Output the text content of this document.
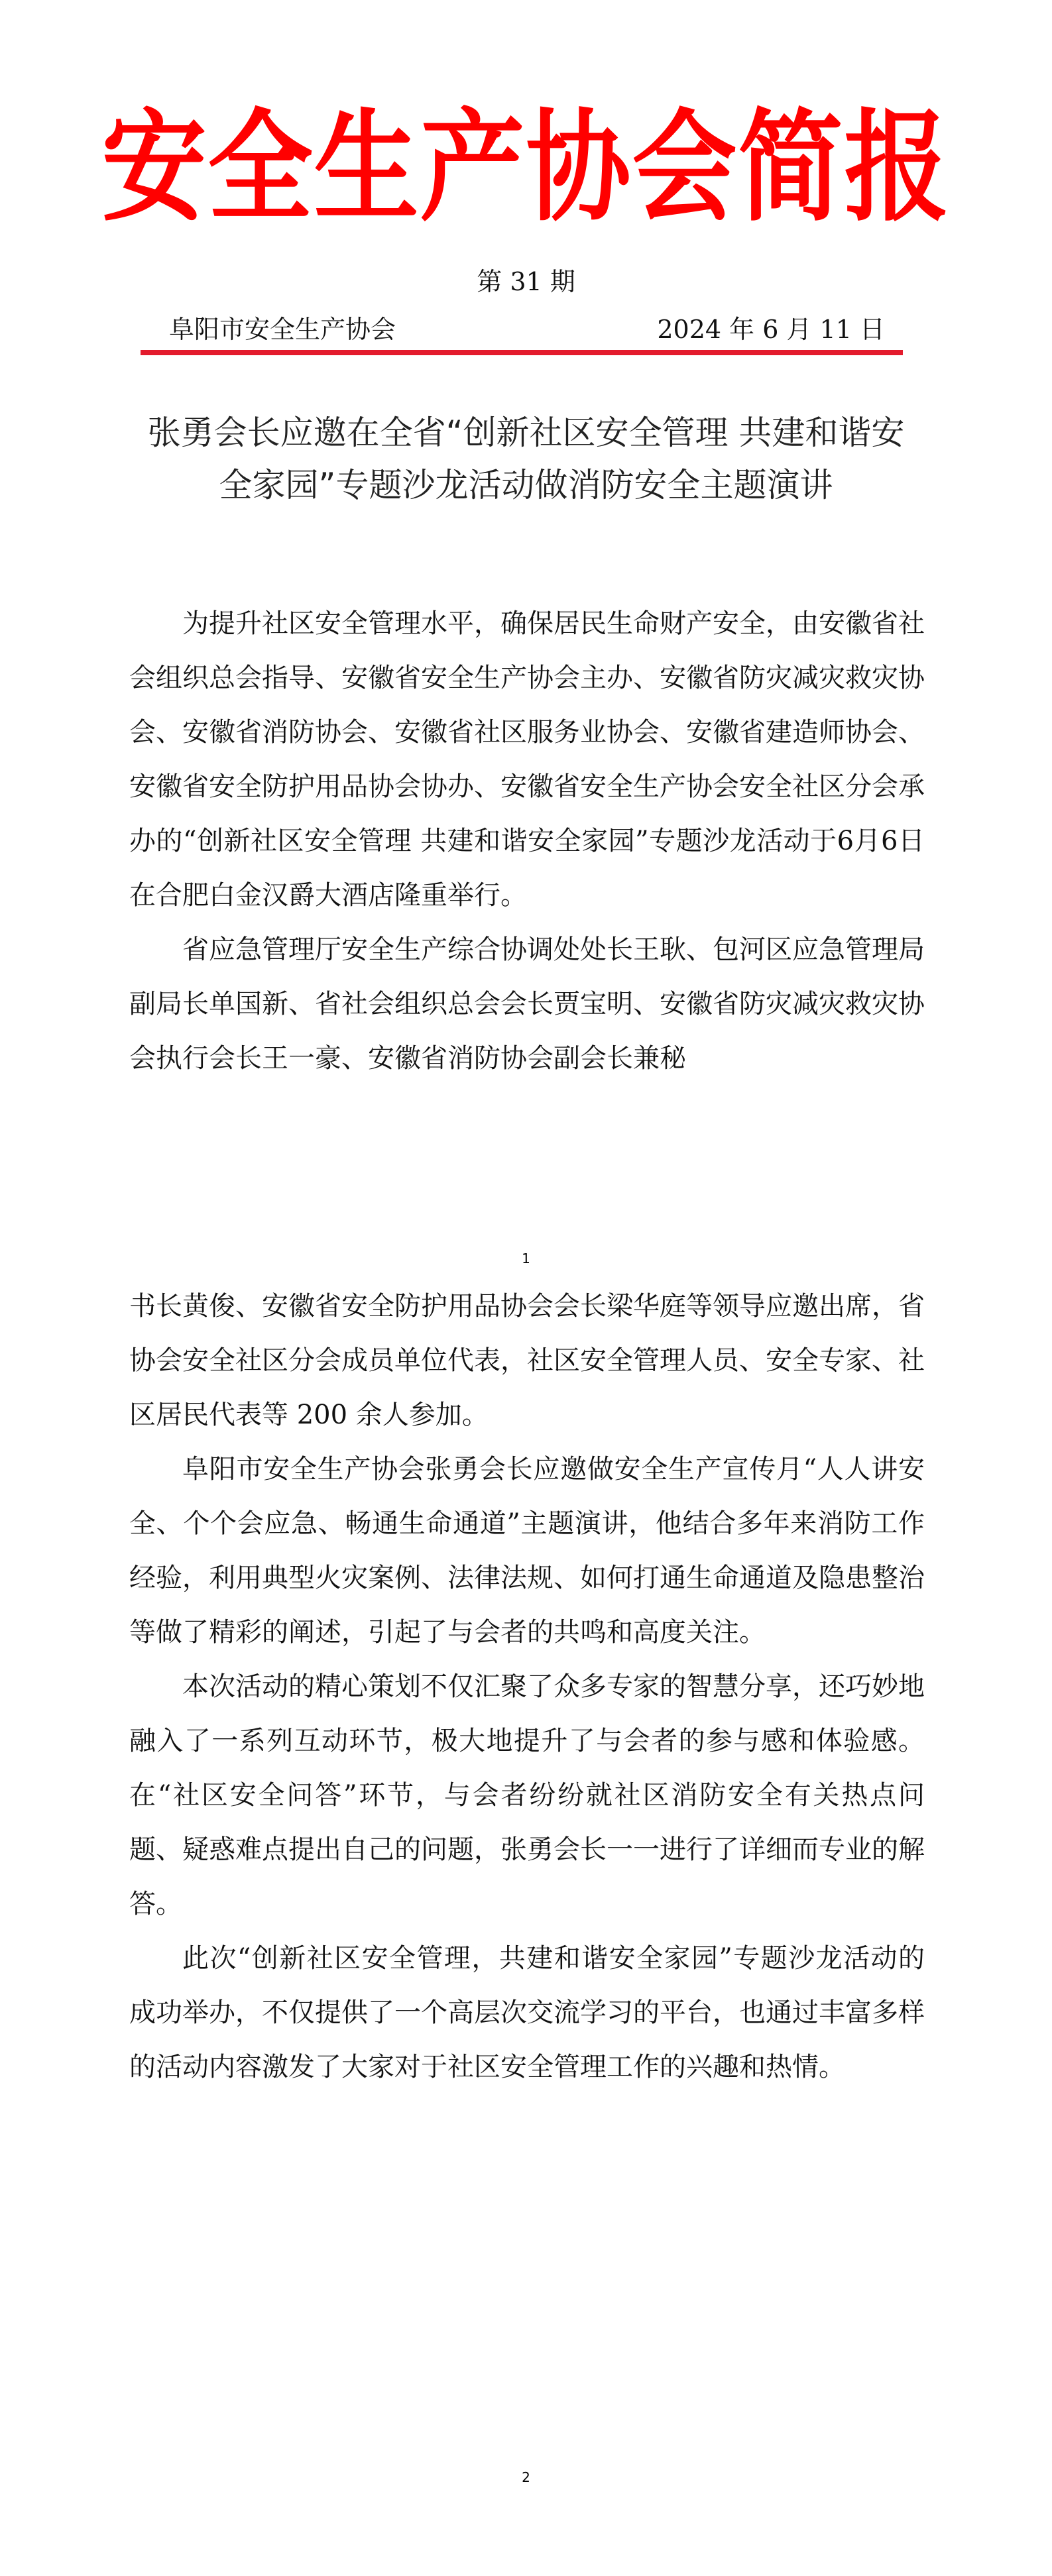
安全生产协会简报
第 31 期
阜阳市安全生产协会	2024 年 6 月 11 日
张勇会长应邀在全省“创新社区安全管理 共建和谐安全家园”专题沙龙活动做消防安全主题演讲

为提升社区安全管理水平，确保居民生命财产安全，由安徽省社会组织总会指导、安徽省安全生产协会主办、安徽省防灾减灾救灾协会、安徽省消防协会、安徽省社区服务业协会、安徽省建造师协会、安徽省安全防护用品协会协办、安徽省安全生产协会安全社区分会承办的“创新社区安全管理 共建和谐安全家园”专题沙龙活动于6月6日在合肥白金汉爵大酒店隆重举行。

省应急管理厅安全生产综合协调处处长王耿、包河区应急管理局副局长单国新、省社会组织总会会长贾宝明、安徽省防灾减灾救灾协会执行会长王一豪、安徽省消防协会副会长兼秘

1

书长黄俊、安徽省安全防护用品协会会长梁华庭等领导应邀出席，省协会安全社区分会成员单位代表，社区安全管理人员、安全专家、社区居民代表等 200 余人参加。

阜阳市安全生产协会张勇会长应邀做安全生产宣传月“人人讲安全、个个会应急、畅通生命通道”主题演讲，他结合多年来消防工作经验，利用典型火灾案例、法律法规、如何打通生命通道及隐患整治等做了精彩的阐述，引起了与会者的共鸣和高度关注。

本次活动的精心策划不仅汇聚了众多专家的智慧分享，还巧妙地融入了一系列互动环节，极大地提升了与会者的参与感和体验感。在“社区安全问答”环节，与会者纷纷就社区消防安全有关热点问题、疑惑难点提出自己的问题，张勇会长一一进行了详细而专业的解答。

此次“创新社区安全管理，共建和谐安全家园”专题沙龙活动的成功举办，不仅提供了一个高层次交流学习的平台，也通过丰富多样的活动内容激发了大家对于社区安全管理工作的兴趣和热情。

2
